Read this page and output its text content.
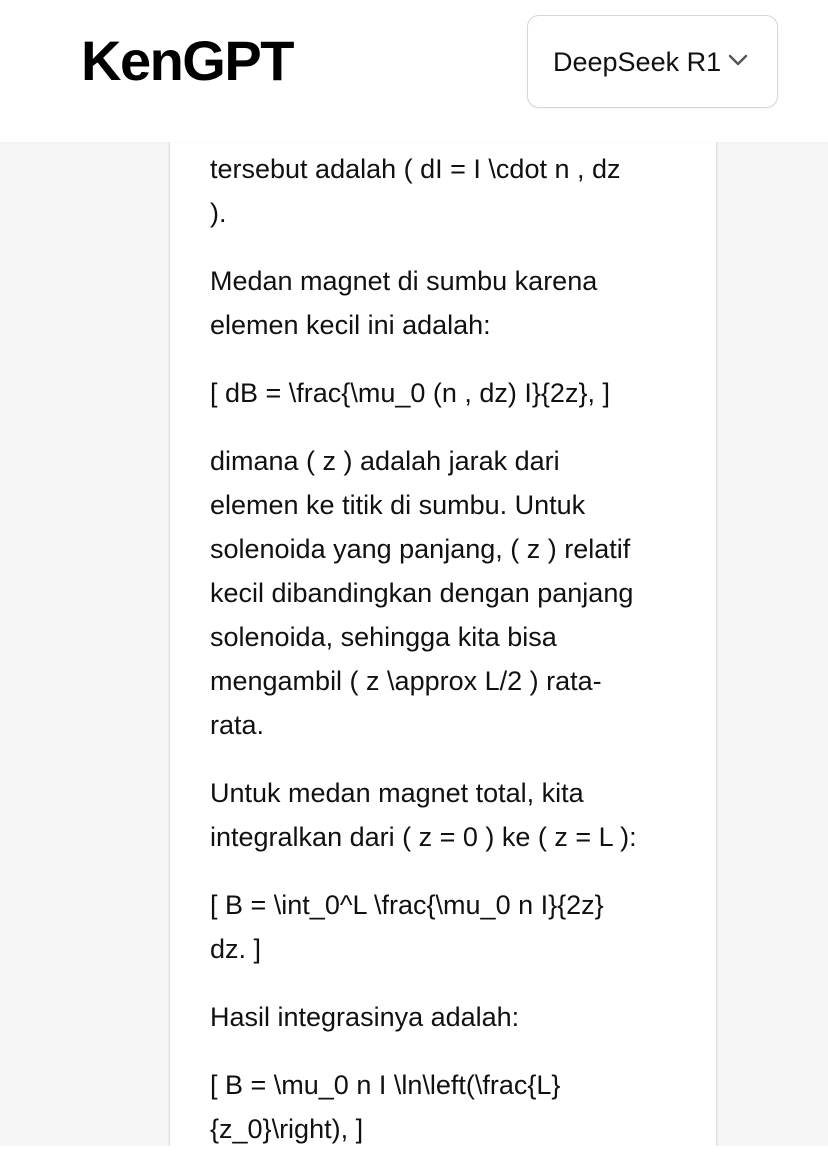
KenGPT	DeepSeek R1
tersebut adalah ( dI = I \cdot n , dz
).
Medan magnet di sumbu karena
elemen kecil ini adalah:
[ dB = \frac{\mu_0 (n , dz) I}{2z}, ]
dimana ( z ) adalah jarak dari
elemen ke titik di sumbu. Untuk
solenoida yang panjang, ( z ) relatif
kecil dibandingkan dengan panjang
solenoida, sehingga kita bisa
mengambil ( z \approx L/2 ) rata-
rata.
Untuk medan magnet total, kita
integralkan dari ( z = 0 ) ke ( z = L ):
[ B = \int_0^L \frac{\mu_0 n I}{2z}
dz. ]
Hasil integrasinya adalah:
[ B = \mu_0 n I \ln\left(\frac{L}
{z_0}\right), ]
